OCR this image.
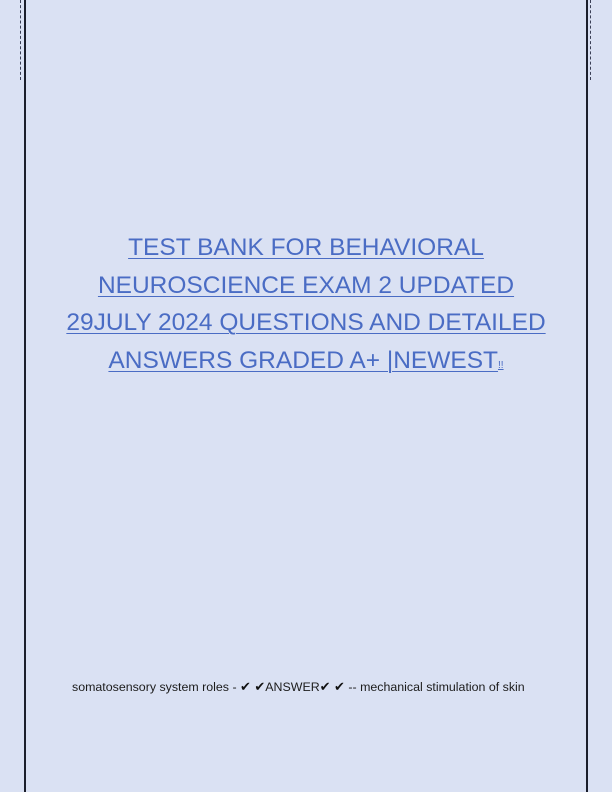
TEST BANK FOR BEHAVIORAL
NEUROSCIENCE EXAM 2 UPDATED
29JULY 2024 QUESTIONS AND DETAILED
ANSWERS GRADED A+ |NEWEST!!
somatosensory system roles - ✔ ✔ANSWER✔ ✔ -- mechanical stimulation of skin
